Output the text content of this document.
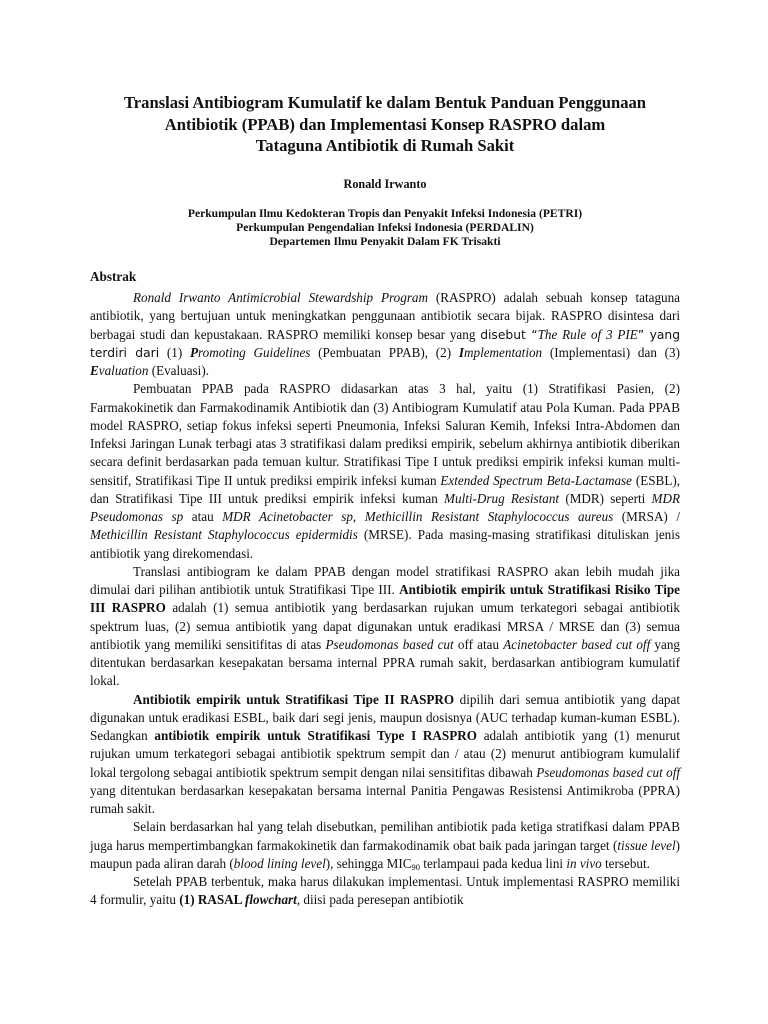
Translasi Antibiogram Kumulatif ke dalam Bentuk Panduan Penggunaan
Antibiotik (PPAB) dan Implementasi Konsep RASPRO dalam
Tataguna Antibiotik di Rumah Sakit

Ronald Irwanto

Perkumpulan Ilmu Kedokteran Tropis dan Penyakit Infeksi Indonesia (PETRI)
Perkumpulan Pengendalian Infeksi Indonesia (PERDALIN)
Departemen Ilmu Penyakit Dalam FK Trisakti

Abstrak

Ronald Irwanto Antimicrobial Stewardship Program (RASPRO) adalah sebuah konsep tataguna antibiotik, yang bertujuan untuk meningkatkan penggunaan antibiotik secara bijak. RASPRO disintesa dari berbagai studi dan kepustakaan. RASPRO memiliki konsep besar yang disebut “The Rule of 3 PIE” yang terdiri dari (1) Promoting Guidelines (Pembuatan PPAB), (2) Implementation (Implementasi) dan (3) Evaluation (Evaluasi).

Pembuatan PPAB pada RASPRO didasarkan atas 3 hal, yaitu (1) Stratifikasi Pasien, (2) Farmakokinetik dan Farmakodinamik Antibiotik dan (3) Antibiogram Kumulatif atau Pola Kuman. Pada PPAB model RASPRO, setiap fokus infeksi seperti Pneumonia, Infeksi Saluran Kemih, Infeksi Intra-Abdomen dan Infeksi Jaringan Lunak terbagi atas 3 stratifikasi dalam prediksi empirik, sebelum akhirnya antibiotik diberikan secara definit berdasarkan pada temuan kultur. Stratifikasi Tipe I untuk prediksi empirik infeksi kuman multi-sensitif, Stratifikasi Tipe II untuk prediksi empirik infeksi kuman Extended Spectrum Beta-Lactamase (ESBL), dan Stratifikasi Tipe III untuk prediksi empirik infeksi kuman Multi-Drug Resistant (MDR) seperti MDR Pseudomonas sp atau MDR Acinetobacter sp, Methicillin Resistant Staphylococcus aureus (MRSA) / Methicillin Resistant Staphylococcus epidermidis (MRSE). Pada masing-masing stratifikasi dituliskan jenis antibiotik yang direkomendasi.

Translasi antibiogram ke dalam PPAB dengan model stratifikasi RASPRO akan lebih mudah jika dimulai dari pilihan antibiotik untuk Stratifikasi Tipe III. Antibiotik empirik untuk Stratifikasi Risiko Tipe III RASPRO adalah (1) semua antibiotik yang berdasarkan rujukan umum terkategori sebagai antibiotik spektrum luas, (2) semua antibiotik yang dapat digunakan untuk eradikasi MRSA / MRSE dan (3) semua antibiotik yang memiliki sensitifitas di atas Pseudomonas based cut off atau Acinetobacter based cut off yang ditentukan berdasarkan kesepakatan bersama internal PPRA rumah sakit, berdasarkan antibiogram kumulatif lokal.

Antibiotik empirik untuk Stratifikasi Tipe II RASPRO dipilih dari semua antibiotik yang dapat digunakan untuk eradikasi ESBL, baik dari segi jenis, maupun dosisnya (AUC terhadap kuman-kuman ESBL). Sedangkan antibiotik empirik untuk Stratifikasi Type I RASPRO adalah antibiotik yang (1) menurut rujukan umum terkategori sebagai antibiotik spektrum sempit dan / atau (2) menurut antibiogram kumulalif lokal tergolong sebagai antibiotik spektrum sempit dengan nilai sensitifitas dibawah Pseudomonas based cut off yang ditentukan berdasarkan kesepakatan bersama internal Panitia Pengawas Resistensi Antimikroba (PPRA) rumah sakit.

Selain berdasarkan hal yang telah disebutkan, pemilihan antibiotik pada ketiga stratifkasi dalam PPAB juga harus mempertimbangkan farmakokinetik dan farmakodinamik obat baik pada jaringan target (tissue level) maupun pada aliran darah (blood lining level), sehingga $MIC_{90}$ terlampaui pada kedua lini in vivo tersebut.

Setelah PPAB terbentuk, maka harus dilakukan implementasi. Untuk implementasi RASPRO memiliki 4 formulir, yaitu (1) RASAL flowchart, diisi pada peresepan antibiotik
